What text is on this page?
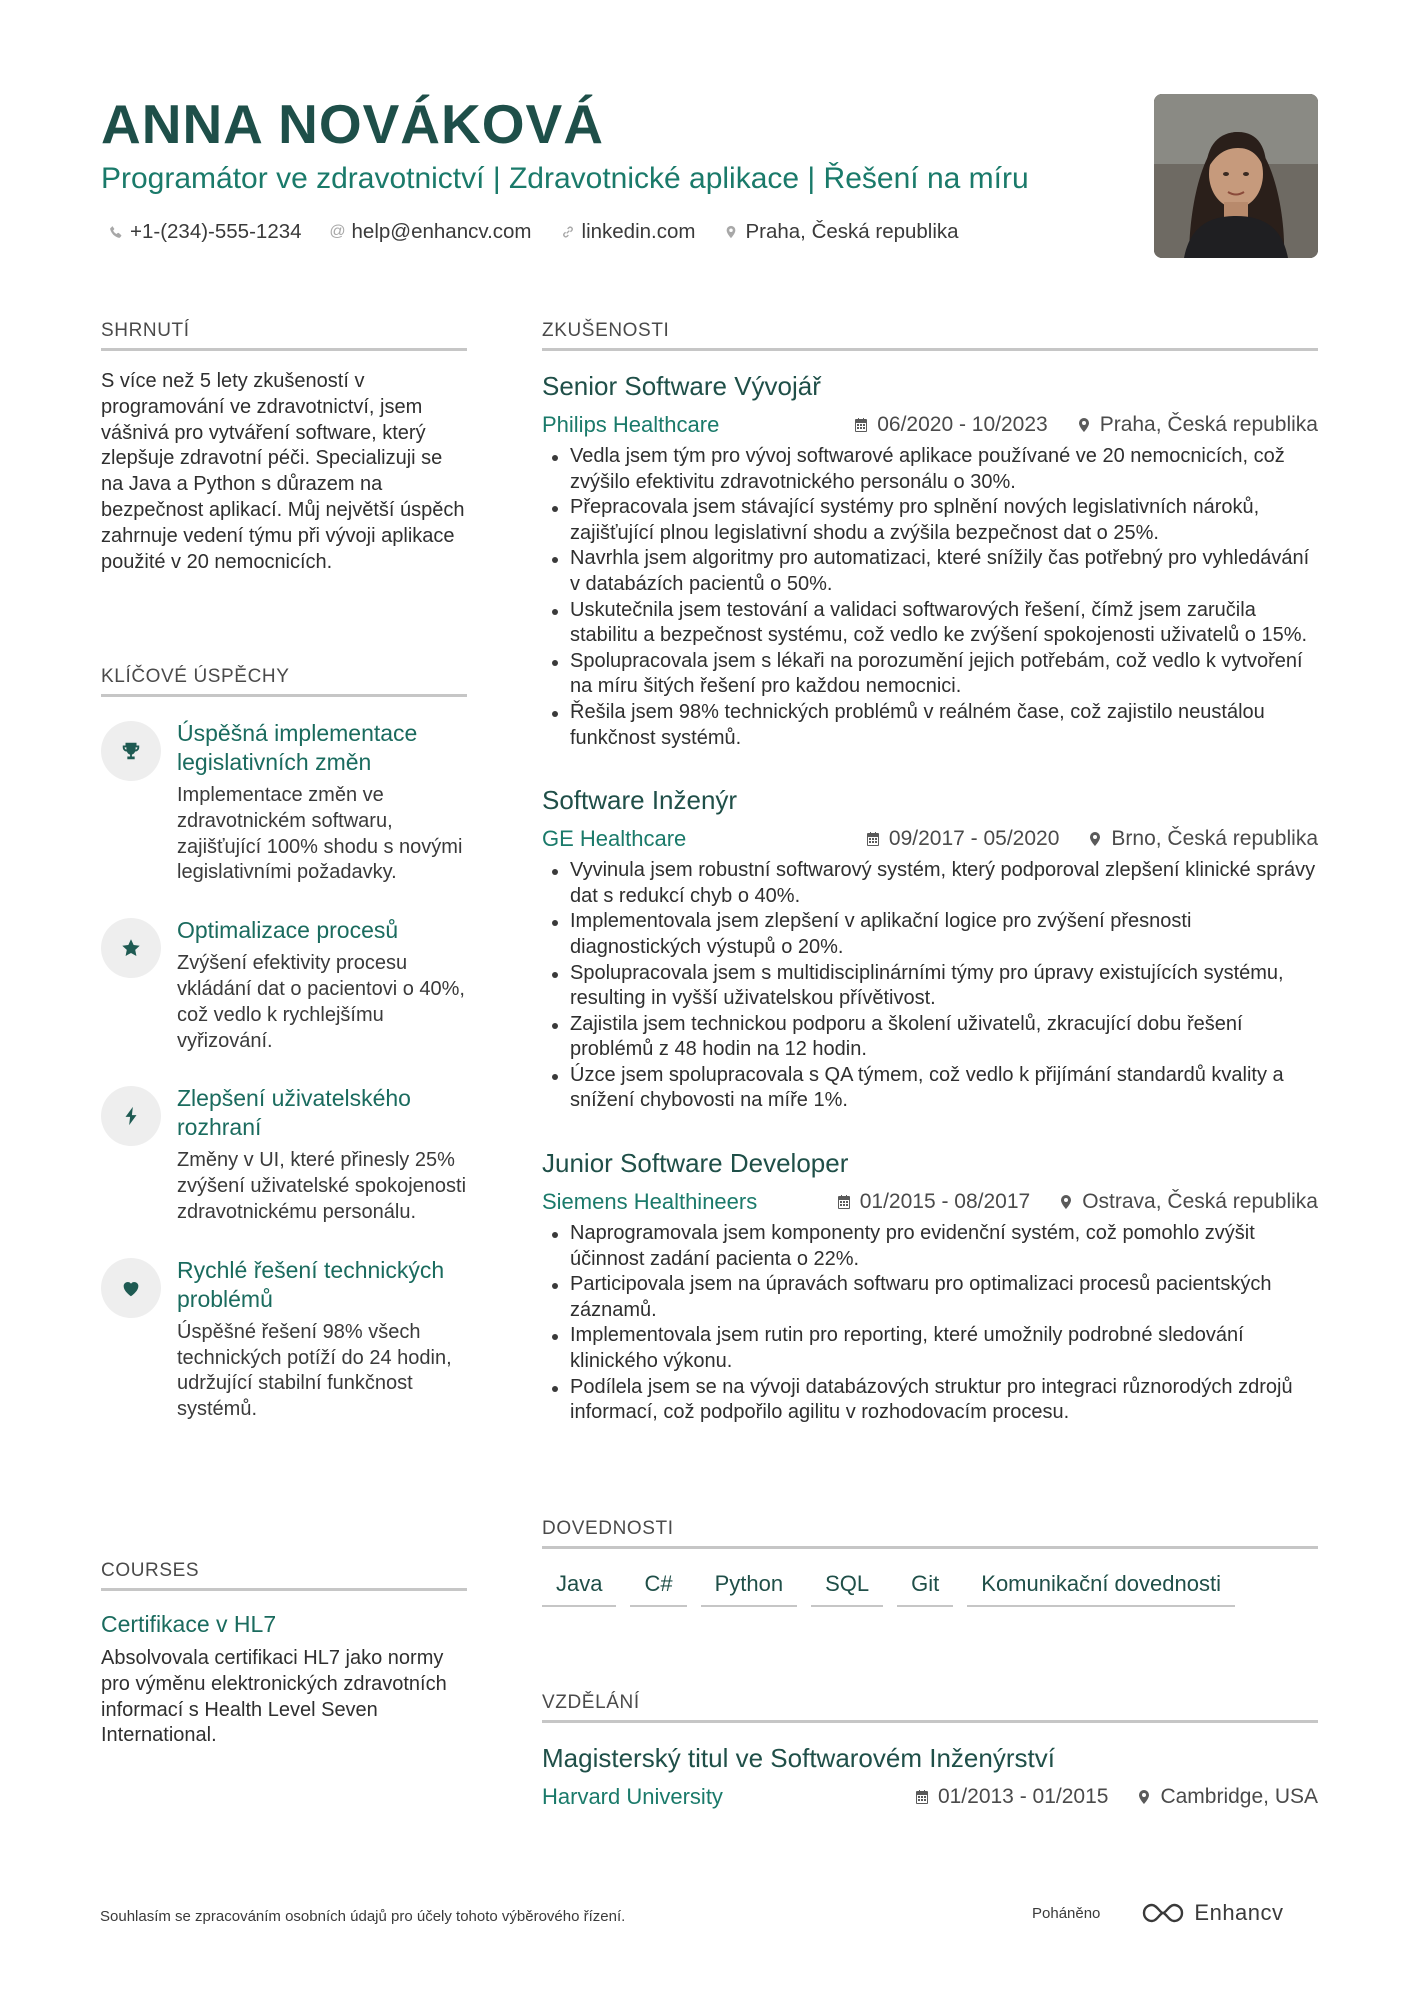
ANNA NOVÁKOVÁ
Programátor ve zdravotnictví | Zdravotnické aplikace | Řešení na míru
+1-(234)-555-1234 @ help@enhancv.com linkedin.com Praha, Česká republika
SHRNUTÍ
S více než 5 lety zkušeností v programování ve zdravotnictví, jsem vášnivá pro vytváření software, který zlepšuje zdravotní péči. Specializuji se na Java a Python s důrazem na bezpečnost aplikací. Můj největší úspěch zahrnuje vedení týmu při vývoji aplikace použité v 20 nemocnicích.
KLÍČOVÉ ÚSPĚCHY
Úspěšná implementace legislativních změn
Implementace změn ve zdravotnickém softwaru, zajišťující 100% shodu s novými legislativními požadavky.
Optimalizace procesů
Zvýšení efektivity procesu vkládání dat o pacientovi o 40%, což vedlo k rychlejšímu vyřizování.
Zlepšení uživatelského rozhraní
Změny v UI, které přinesly 25% zvýšení uživatelské spokojenosti zdravotnickému personálu.
Rychlé řešení technických problémů
Úspěšné řešení 98% všech technických potíží do 24 hodin, udržující stabilní funkčnost systémů.
COURSES
Certifikace v HL7
Absolvovala certifikaci HL7 jako normy pro výměnu elektronických zdravotních informací s Health Level Seven International.
ZKUŠENOSTI
Senior Software Vývojář
Philips Healthcare	06/2020 - 10/2023 Praha, Česká republika
Vedla jsem tým pro vývoj softwarové aplikace používané ve 20 nemocnicích, což zvýšilo efektivitu zdravotnického personálu o 30%.
Přepracovala jsem stávající systémy pro splnění nových legislativních nároků, zajišťující plnou legislativní shodu a zvýšila bezpečnost dat o 25%.
Navrhla jsem algoritmy pro automatizaci, které snížily čas potřebný pro vyhledávání v databázích pacientů o 50%.
Uskutečnila jsem testování a validaci softwarových řešení, čímž jsem zaručila stabilitu a bezpečnost systému, což vedlo ke zvýšení spokojenosti uživatelů o 15%.
Spolupracovala jsem s lékaři na porozumění jejich potřebám, což vedlo k vytvoření na míru šitých řešení pro každou nemocnici.
Řešila jsem 98% technických problémů v reálném čase, což zajistilo neustálou funkčnost systémů.
Software Inženýr
GE Healthcare	09/2017 - 05/2020 Brno, Česká republika
Vyvinula jsem robustní softwarový systém, který podporoval zlepšení klinické správy dat s redukcí chyb o 40%.
Implementovala jsem zlepšení v aplikační logice pro zvýšení přesnosti diagnostických výstupů o 20%.
Spolupracovala jsem s multidisciplinárními týmy pro úpravy existujících systému, resulting in vyšší uživatelskou přívětivost.
Zajistila jsem technickou podporu a školení uživatelů, zkracující dobu řešení problémů z 48 hodin na 12 hodin.
Úzce jsem spolupracovala s QA týmem, což vedlo k přijímání standardů kvality a snížení chybovosti na míře 1%.
Junior Software Developer
Siemens Healthineers	01/2015 - 08/2017 Ostrava, Česká republika
Naprogramovala jsem komponenty pro evidenční systém, což pomohlo zvýšit účinnost zadání pacienta o 22%.
Participovala jsem na úpravách softwaru pro optimalizaci procesů pacientských záznamů.
Implementovala jsem rutin pro reporting, které umožnily podrobné sledování klinického výkonu.
Podílela jsem se na vývoji databázových struktur pro integraci různorodých zdrojů informací, což podpořilo agilitu v rozhodovacím procesu.
DOVEDNOSTI
Java	C#	Python	SQL	Git	Komunikační dovednosti
VZDĚLÁNÍ
Magisterský titul ve Softwarovém Inženýrství
Harvard University	01/2013 - 01/2015 Cambridge, USA
Souhlasím se zpracováním osobních údajů pro účely tohoto výběrového řízení.	Poháněno	Enhancv
